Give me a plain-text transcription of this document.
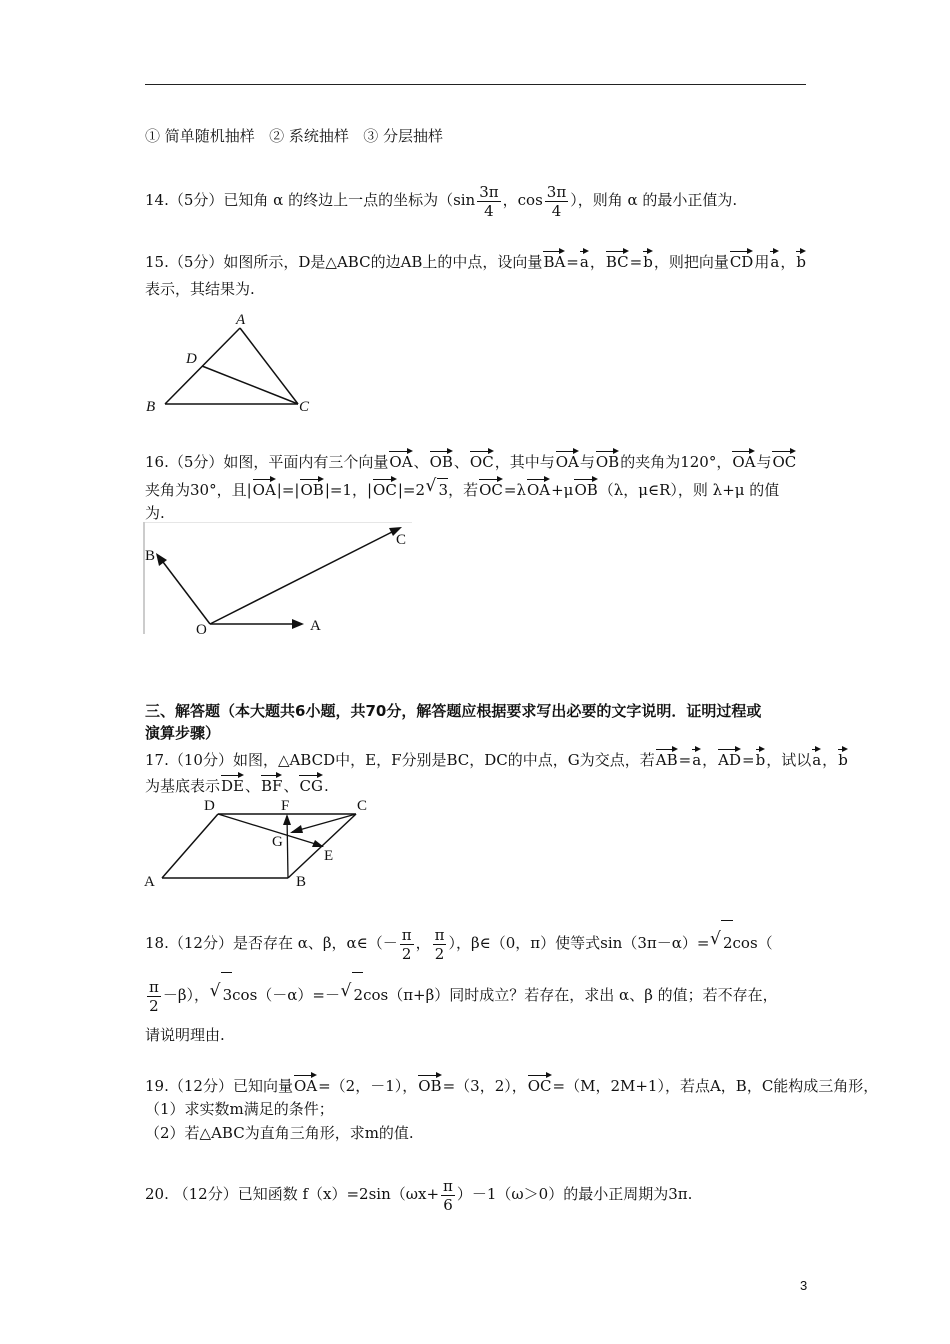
① 简单随机抽样 ② 系统抽样 ③ 分层抽样
14.（5分）已知角 α 的终边上一点的坐标为（$\sin \frac{3\pi}{4}$ ，$\cos \frac{3\pi}{4}$ ），则角 α 的最小正值为.
15.（5分）如图所示，D是△ABC的边AB上的中点，设向量BA=a，BC=b，则把向量CD用a，b
表示，其结果为.
A
B	C
D
16.（5分）如图，平面内有三个向量OA、OB、OC，其中与OA与OB的夹角为120°，OA与OC
夹角为30°，且|OA|=|OB|=1，|OC|=2 √ 3，若OC=λOA+μOB（λ，μ∈R），则 λ+μ 的值
为.
O	A
B
C
三、解答题（本大题共6小题，共70分，解答题应根据要求写出必要的文字说明．证明过程或
演算步骤）
17.（10分）如图，△ABCD中，E，F分别是BC，DC的中点，G为交点，若AB=a，AD=b，试以a，b
为基底表示DE、BF、CG.
A	B
C
D
E
F
G
18.（12分）是否存在 α、β，α∈（－ $\frac{\pi}{2}$ ， $\frac{\pi}{2}$ ），β∈（0，π）使等式sin（3π－α）= √ 2cos（
$\frac{\pi}{2} -\beta$）， √ 3cos（－α）=－ √ 2cos（π+β）同时成立？若存在，求出 α、β 的值；若不存在，
请说明理由.
19.（12分）已知向量OA=（2，－1），OB=（3，2），OC=（M，2M+1），若点A，B，C能构成三角形，
（1）求实数m满足的条件；
（2）若△ABC为直角三角形，求m的值.
20. （12分）已知函数 $f(x)=2\sin(\omega x+ \frac{\pi}{6} )-1(\omega>0)$的最小正周期为3π.
3
